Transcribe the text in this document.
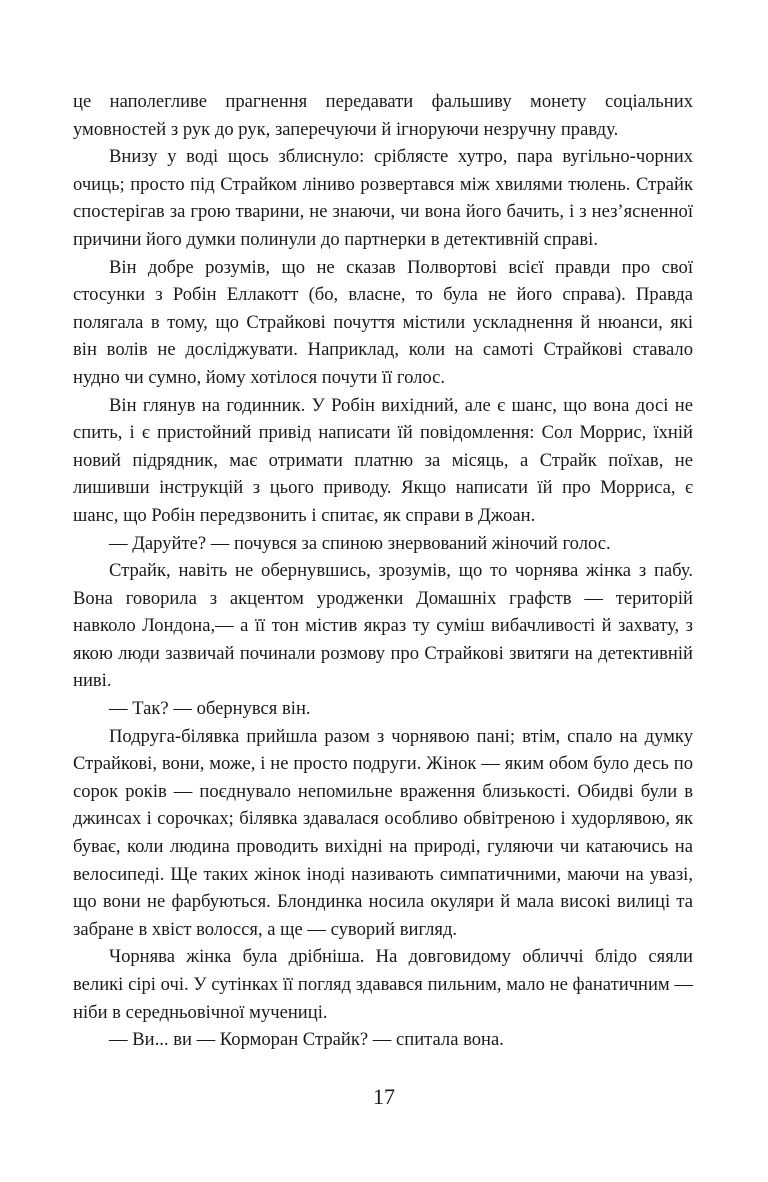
це наполегливе прагнення передавати фальшиву монету соціальних умовностей з рук до рук, заперечуючи й ігноруючи незручну правду.

Внизу у воді щось зблиснуло: сріблясте хутро, пара вугільно-чорних очиць; просто під Страйком ліниво розвертався між хвилями тюлень. Страйк спостерігав за грою тварини, не знаючи, чи вона його бачить, і з нез’ясненної причини його думки полинули до партнерки в детективній справі.

Він добре розумів, що не сказав Полвортові всієї правди про свої стосунки з Робін Еллакотт (бо, власне, то була не його справа). Правда полягала в тому, що Страйкові почуття містили ускладнення й нюанси, які він волів не досліджувати. Наприклад, коли на самоті Страйкові ставало нудно чи сумно, йому хотілося почути її голос.

Він глянув на годинник. У Робін вихідний, але є шанс, що вона досі не спить, і є пристойний привід написати їй повідомлення: Сол Моррис, їхній новий підрядник, має отримати платню за місяць, а Страйк поїхав, не лишивши інструкцій з цього приводу. Якщо написати їй про Морриса, є шанс, що Робін передзвонить і спитає, як справи в Джоан.

— Даруйте? — почувся за спиною знервований жіночий голос.

Страйк, навіть не обернувшись, зрозумів, що то чорнява жінка з пабу. Вона говорила з акцентом уродженки Домашніх графств — територій навколо Лондона,— а її тон містив якраз ту суміш вибачливості й захвату, з якою люди зазвичай починали розмову про Страйкові звитяги на детективній ниві.

— Так? — обернувся він.

Подруга-білявка прийшла разом з чорнявою пані; втім, спало на думку Страйкові, вони, може, і не просто подруги. Жінок — яким обом було десь по сорок років — поєднувало непомильне враження близькості. Обидві були в джинсах і сорочках; білявка здавалася особливо обвітреною і худорлявою, як буває, коли людина проводить вихідні на природі, гуляючи чи катаючись на велосипеді. Ще таких жінок іноді називають симпатичними, маючи на увазі, що вони не фарбуються. Блондинка носила окуляри й мала високі вилиці та забране в хвіст волосся, а ще — суворий вигляд.

Чорнява жінка була дрібніша. На довговидому обличчі блідо сяяли великі сірі очі. У сутінках її погляд здавався пильним, мало не фанатичним — ніби в середньовічної мучениці.

— Ви... ви — Корморан Страйк? — спитала вона.

17
